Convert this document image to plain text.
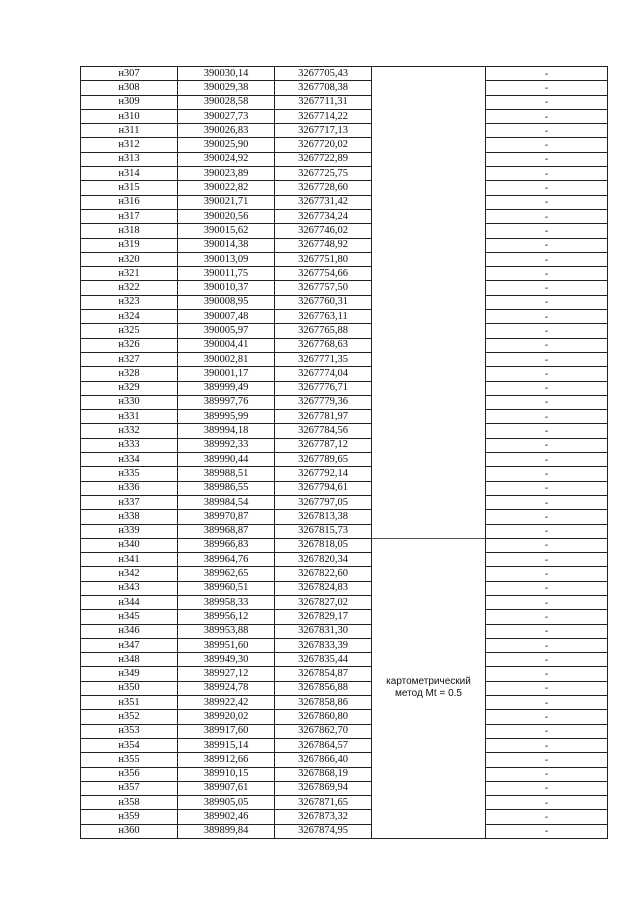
н307	390030,14	3267705,43		-
н308	390029,38	3267708,38		-
н309	390028,58	3267711,31		-
н310	390027,73	3267714,22		-
н311	390026,83	3267717,13		-
н312	390025,90	3267720,02		-
н313	390024,92	3267722,89		-
н314	390023,89	3267725,75		-
н315	390022,82	3267728,60		-
н316	390021,71	3267731,42		-
н317	390020,56	3267734,24		-
н318	390015,62	3267746,02		-
н319	390014,38	3267748,92		-
н320	390013,09	3267751,80		-
н321	390011,75	3267754,66		-
н322	390010,37	3267757,50		-
н323	390008,95	3267760,31		-
н324	390007,48	3267763,11		-
н325	390005,97	3267765,88		-
н326	390004,41	3267768,63		-
н327	390002,81	3267771,35		-
н328	390001,17	3267774,04		-
н329	389999,49	3267776,71		-
н330	389997,76	3267779,36		-
н331	389995,99	3267781,97		-
н332	389994,18	3267784,56		-
н333	389992,33	3267787,12		-
н334	389990,44	3267789,65		-
н335	389988,51	3267792,14		-
н336	389986,55	3267794,61		-
н337	389984,54	3267797,05		-
н338	389970,87	3267813,38		-
н339	389968,87	3267815,73		-
н340	389966,83	3267818,05	картометрический метод Mt = 0.5	-
н341	389964,76	3267820,34		-
н342	389962,65	3267822,60		-
н343	389960,51	3267824,83		-
н344	389958,33	3267827,02		-
н345	389956,12	3267829,17		-
н346	389953,88	3267831,30		-
н347	389951,60	3267833,39		-
н348	389949,30	3267835,44		-
н349	389927,12	3267854,87		-
н350	389924,78	3267856,88		-
н351	389922,42	3267858,86		-
н352	389920,02	3267860,80		-
н353	389917,60	3267862,70		-
н354	389915,14	3267864,57		-
н355	389912,66	3267866,40		-
н356	389910,15	3267868,19		-
н357	389907,61	3267869,94		-
н358	389905,05	3267871,65		-
н359	389902,46	3267873,32		-
н360	389899,84	3267874,95		-
